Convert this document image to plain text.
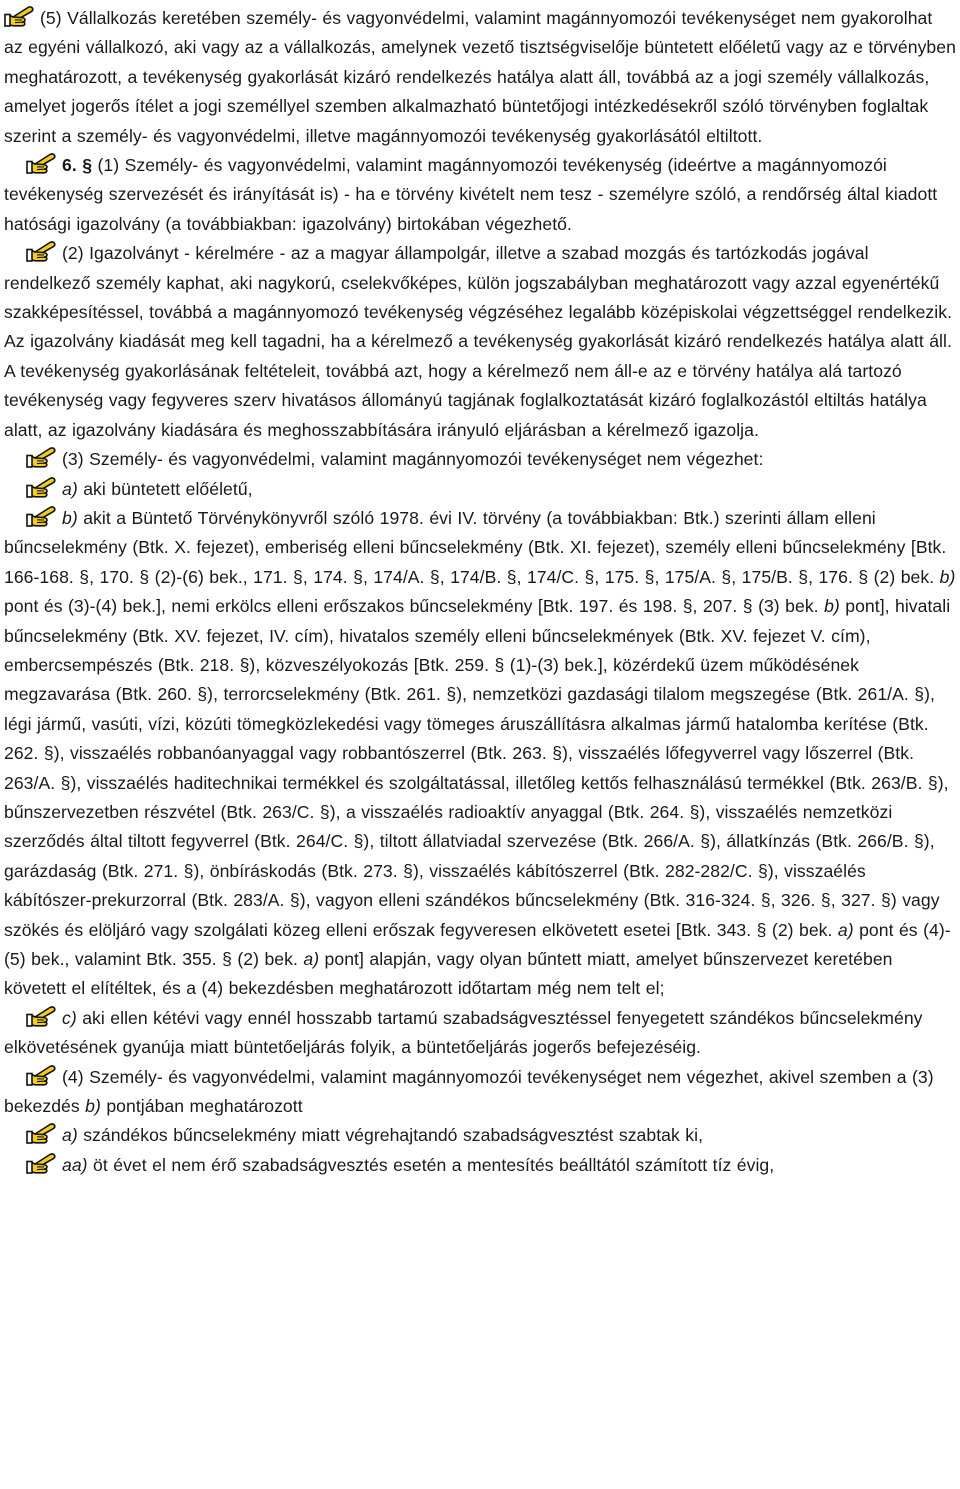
(5) Vállalkozás keretében személy- és vagyonvédelmi, valamint magánnyomozói tevékenységet nem gyakorolhat az egyéni vállalkozó, aki vagy az a vállalkozás, amelynek vezető tisztségviselője büntetett előéletű vagy az e törvényben meghatározott, a tevékenység gyakorlását kizáró rendelkezés hatálya alatt áll, továbbá az a jogi személy vállalkozás, amelyet jogerős ítélet a jogi személlyel szemben alkalmazható büntetőjogi intézkedésekről szóló törvényben foglaltak szerint a személy- és vagyonvédelmi, illetve magánnyomozói tevékenység gyakorlásától eltiltott.

6. § (1) Személy- és vagyonvédelmi, valamint magánnyomozói tevékenység (ideértve a magánnyomozói tevékenység szervezését és irányítását is) - ha e törvény kivételt nem tesz - személyre szóló, a rendőrség által kiadott hatósági igazolvány (a továbbiakban: igazolvány) birtokában végezhető.

(2) Igazolványt - kérelmére - az a magyar állampolgár, illetve a szabad mozgás és tartózkodás jogával rendelkező személy kaphat, aki nagykorú, cselekvőképes, külön jogszabályban meghatározott vagy azzal egyenértékű szakképesítéssel, továbbá a magánnyomozó tevékenység végzéséhez legalább középiskolai végzettséggel rendelkezik. Az igazolvány kiadását meg kell tagadni, ha a kérelmező a tevékenység gyakorlását kizáró rendelkezés hatálya alatt áll. A tevékenység gyakorlásának feltételeit, továbbá azt, hogy a kérelmező nem áll-e az e törvény hatálya alá tartozó tevékenység vagy fegyveres szerv hivatásos állományú tagjának foglalkoztatását kizáró foglalkozástól eltiltás hatálya alatt, az igazolvány kiadására és meghosszabbítására irányuló eljárásban a kérelmező igazolja.

(3) Személy- és vagyonvédelmi, valamint magánnyomozói tevékenységet nem végezhet:

a) aki büntetett előéletű,

b) akit a Büntető Törvénykönyvről szóló 1978. évi IV. törvény (a továbbiakban: Btk.) szerinti állam elleni bűncselekmény (Btk. X. fejezet), emberiség elleni bűncselekmény (Btk. XI. fejezet), személy elleni bűncselekmény [Btk. 166-168. §, 170. § (2)-(6) bek., 171. §, 174. §, 174/A. §, 174/B. §, 174/C. §, 175. §, 175/A. §, 175/B. §, 176. § (2) bek. b) pont és (3)-(4) bek.], nemi erkölcs elleni erőszakos bűncselekmény [Btk. 197. és 198. §, 207. § (3) bek. b) pont], hivatali bűncselekmény (Btk. XV. fejezet, IV. cím), hivatalos személy elleni bűncselekmények (Btk. XV. fejezet V. cím), embercsempészés (Btk. 218. §), közveszélyokozás [Btk. 259. § (1)-(3) bek.], közérdekű üzem működésének megzavarása (Btk. 260. §), terrorcselekmény (Btk. 261. §), nemzetközi gazdasági tilalom megszegése (Btk. 261/A. §), légi jármű, vasúti, vízi, közúti tömegközlekedési vagy tömeges áruszállításra alkalmas jármű hatalomba kerítése (Btk. 262. §), visszaélés robbanóanyaggal vagy robbantószerrel (Btk. 263. §), visszaélés lőfegyverrel vagy lőszerrel (Btk. 263/A. §), visszaélés haditechnikai termékkel és szolgáltatással, illetőleg kettős felhasználású termékkel (Btk. 263/B. §), bűnszervezetben részvétel (Btk. 263/C. §), a visszaélés radioaktív anyaggal (Btk. 264. §), visszaélés nemzetközi szerződés által tiltott fegyverrel (Btk. 264/C. §), tiltott állatviadal szervezése (Btk. 266/A. §), állatkínzás (Btk. 266/B. §), garázdaság (Btk. 271. §), önbíráskodás (Btk. 273. §), visszaélés kábítószerrel (Btk. 282-282/C. §), visszaélés kábítószer-prekurzorral (Btk. 283/A. §), vagyon elleni szándékos bűncselekmény (Btk. 316-324. §, 326. §, 327. §) vagy szökés és elöljáró vagy szolgálati közeg elleni erőszak fegyveresen elkövetett esetei [Btk. 343. § (2) bek. a) pont és (4)-(5) bek., valamint Btk. 355. § (2) bek. a) pont] alapján, vagy olyan bűntett miatt, amelyet bűnszervezet keretében követett el elítéltek, és a (4) bekezdésben meghatározott időtartam még nem telt el;

c) aki ellen kétévi vagy ennél hosszabb tartamú szabadságvesztéssel fenyegetett szándékos bűncselekmény elkövetésének gyanúja miatt büntetőeljárás folyik, a büntetőeljárás jogerős befejezéséig.

(4) Személy- és vagyonvédelmi, valamint magánnyomozói tevékenységet nem végezhet, akivel szemben a (3) bekezdés b) pontjában meghatározott

a) szándékos bűncselekmény miatt végrehajtandó szabadságvesztést szabtak ki,

aa) öt évet el nem érő szabadságvesztés esetén a mentesítés beálltától számított tíz évig,
